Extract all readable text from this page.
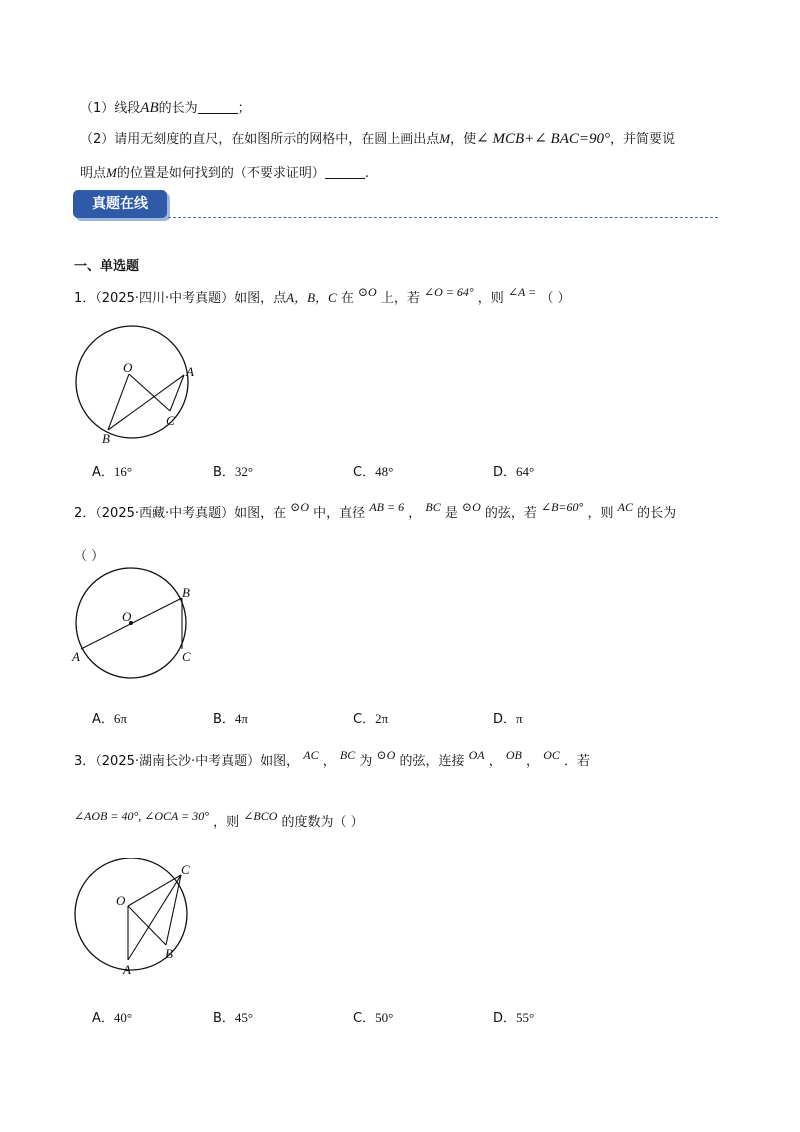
（1）线段AB的长为	；
（2）请用无刻度的直尺，在如图所示的网格中，在圆上画出点M，使∠ MCB+∠ BAC=90°，并简要说
明点M的位置是如何找到的（不要求证明）	.
真题在线
一、单选题
1．（2025·四川·中考真题）如图，点A，B，C 在 ⊙O 上，若 ∠O = 64° ，则 ∠A = （ ）
O	A
B
C
A．16°	B．32°	C．48°	D．64°
2．（2025·西藏·中考真题）如图，在 ⊙O 中，直径 AB = 6 ， BC 是 ⊙O 的弦，若 ∠B=60° ，则 AC 的长为
（ ）
O
A
B
C
A．6π	B．4π	C．2π	D．π
3．（2025·湖南长沙·中考真题）如图， AC ， BC 为 ⊙O 的弦，连接 OA ， OB ， OC ．若
∠AOB = 40°, ∠OCA = 30° ，则 ∠BCO 的度数为（ ）
O
A
B
C
A．40°	B．45°	C．50°	D．55°
